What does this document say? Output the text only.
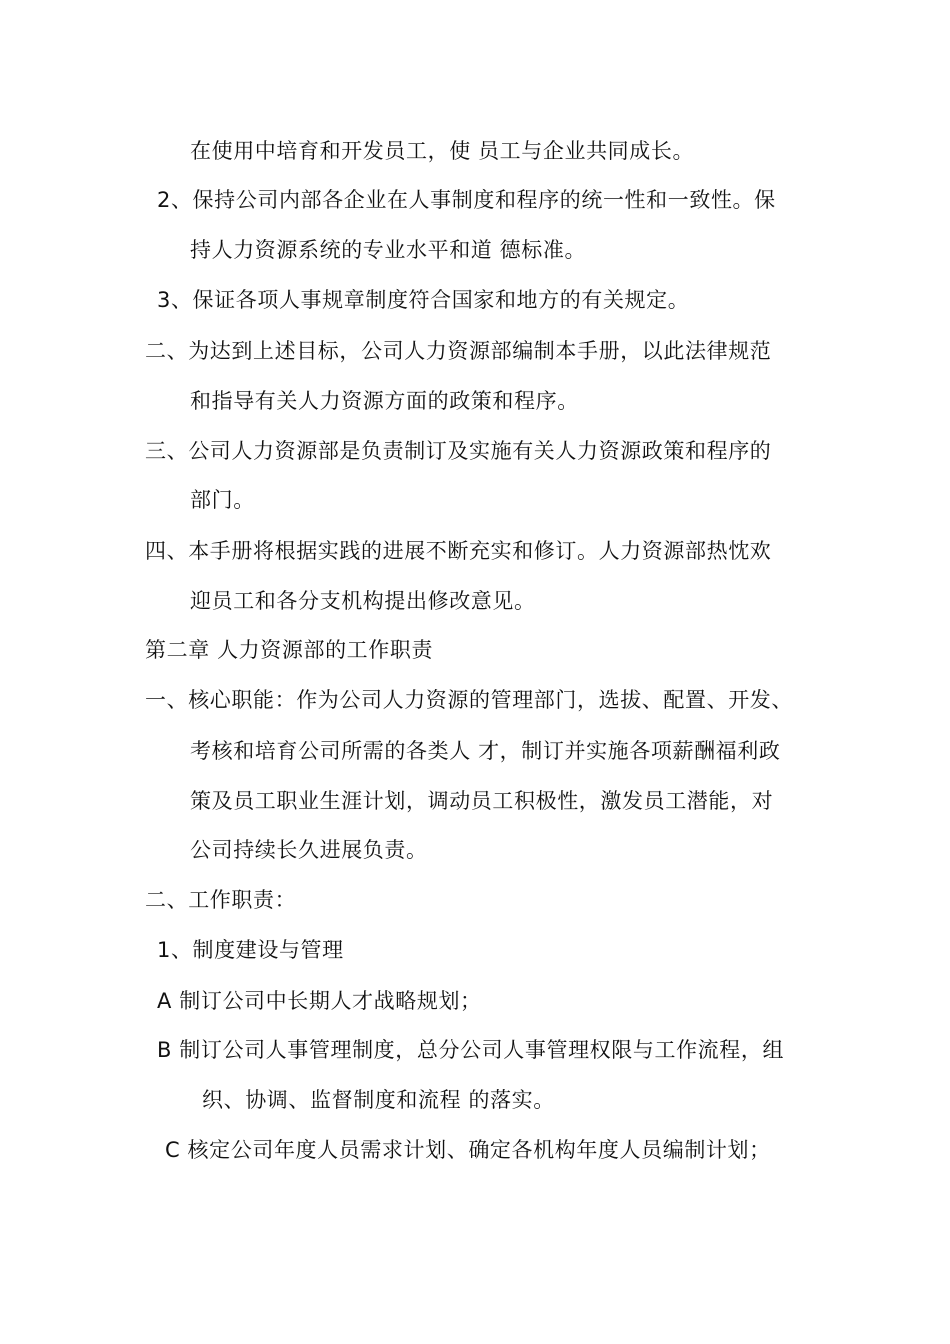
在使用中培育和开发员工，使 员工与企业共同成长。
2、保持公司内部各企业在人事制度和程序的统一性和一致性。保
持人力资源系统的专业水平和道 德标准。
3、保证各项人事规章制度符合国家和地方的有关规定。
二、为达到上述目标，公司人力资源部编制本手册，以此法律规范
和指导有关人力资源方面的政策和程序。
三、公司人力资源部是负责制订及实施有关人力资源政策和程序的
部门。
四、本手册将根据实践的进展不断充实和修订。人力资源部热忱欢
迎员工和各分支机构提出修改意见。
第二章 人力资源部的工作职责
一、核心职能：作为公司人力资源的管理部门，选拔、配置、开发、
考核和培育公司所需的各类人 才，制订并实施各项薪酬福利政
策及员工职业生涯计划，调动员工积极性，激发员工潜能，对
公司持续长久进展负责。
二、工作职责：
1、制度建设与管理
A 制订公司中长期人才战略规划；
B 制订公司人事管理制度，总分公司人事管理权限与工作流程，组
织、协调、监督制度和流程 的落实。
C 核定公司年度人员需求计划、确定各机构年度人员编制计划；
